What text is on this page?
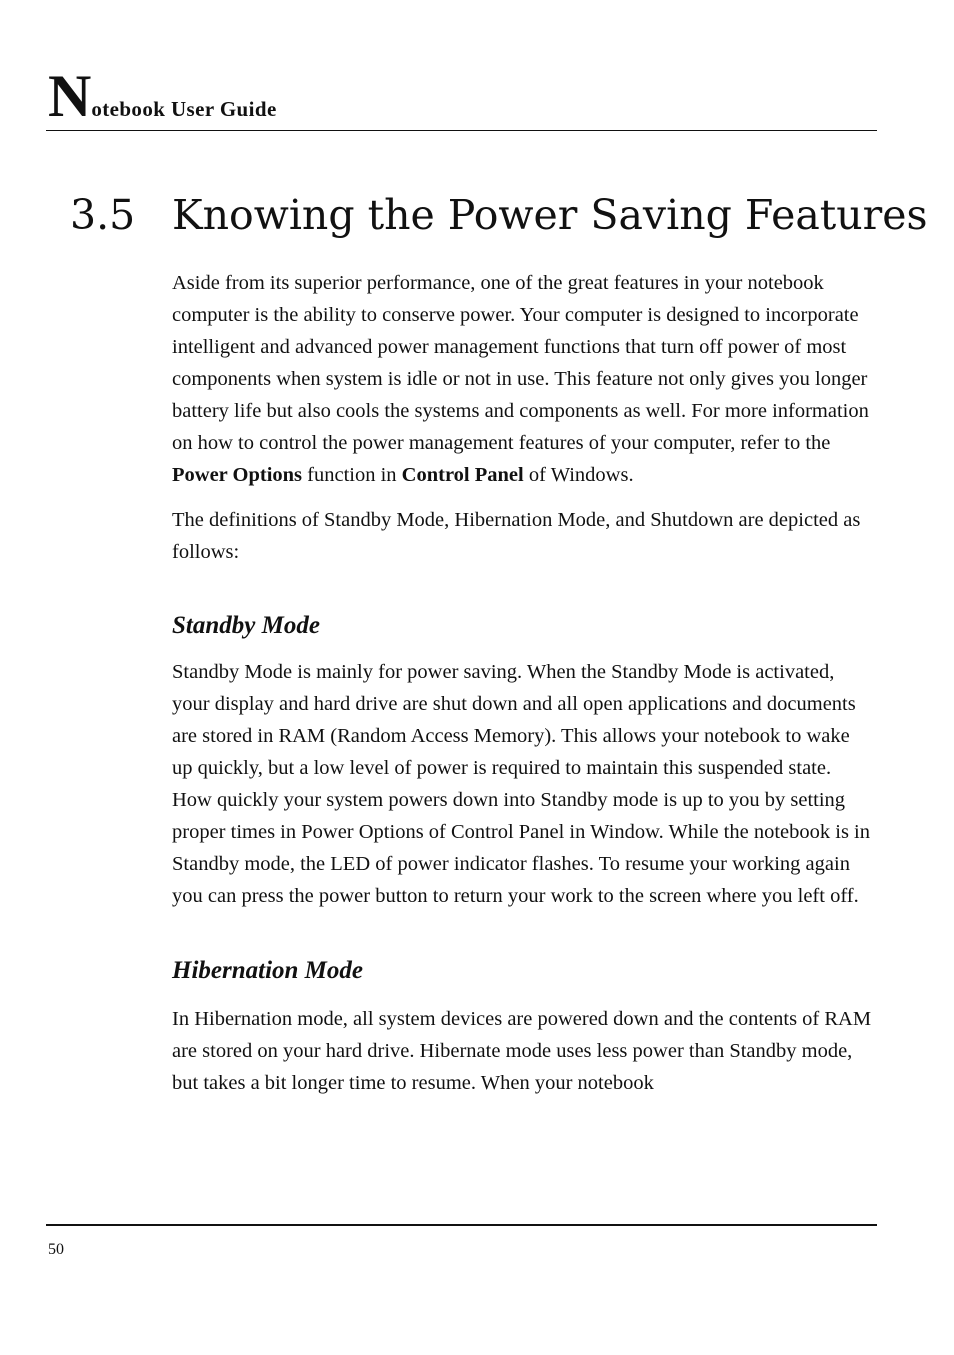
Notebook User Guide
3.5 Knowing the Power Saving Features

Aside from its superior performance, one of the great features in your notebook computer is the ability to conserve power. Your computer is designed to incorporate intelligent and advanced power management functions that turn off power of most components when system is idle or not in use. This feature not only gives you longer battery life but also cools the systems and components as well. For more information on how to control the power management features of your computer, refer to the Power Options function in Control Panel of Windows.

The definitions of Standby Mode, Hibernation Mode, and Shutdown are depicted as follows:

Standby Mode

Standby Mode is mainly for power saving. When the Standby Mode is activated, your display and hard drive are shut down and all open applications and documents are stored in RAM (Random Access Memory). This allows your notebook to wake up quickly, but a low level of power is required to maintain this suspended state. How quickly your system powers down into Standby mode is up to you by setting proper times in Power Options of Control Panel in Window. While the notebook is in Standby mode, the LED of power indicator flashes. To resume your working again you can press the power button to return your work to the screen where you left off.

Hibernation Mode

In Hibernation mode, all system devices are powered down and the contents of RAM are stored on your hard drive. Hibernate mode uses less power than Standby mode, but takes a bit longer time to resume. When your notebook

50
